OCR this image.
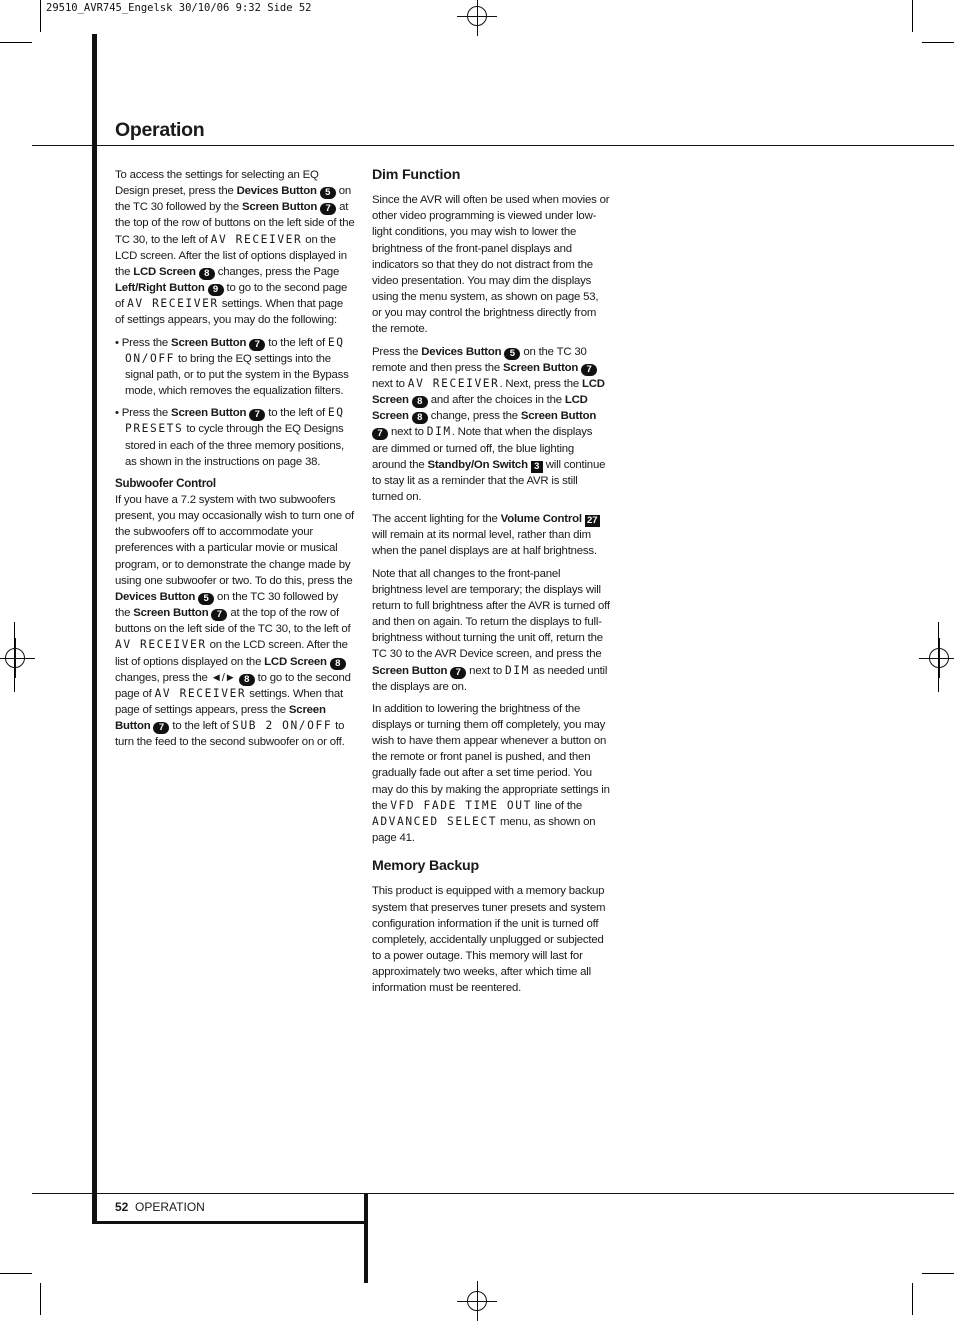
29510_AVR745_Engelsk 30/10/06 9:32 Side 52
Operation

To access the settings for selecting an EQ Design preset, press the Devices Button 5 on the TC 30 followed by the Screen Button 7 at the top of the row of buttons on the left side of the TC 30, to the left of AV RECEIVER on the LCD screen. After the list of options displayed in the LCD Screen 8 changes, press the Page Left/Right Button 9 to go to the second page of AV RECEIVER settings. When that page of settings appears, you may do the following:

• Press the Screen Button 7 to the left of EQ ON/OFF to bring the EQ settings into the signal path, or to put the system in the Bypass mode, which removes the equalization filters.

• Press the Screen Button 7 to the left of EQ PRESETS to cycle through the EQ Designs stored in each of the three memory positions, as shown in the instructions on page 38.

Subwoofer Control

If you have a 7.2 system with two subwoofers present, you may occasionally wish to turn one of the subwoofers off to accommodate your preferences with a particular movie or musical program, or to demonstrate the change made by using one subwoofer or two. To do this, press the Devices Button 5 on the TC 30 followed by the Screen Button 7 at the top of the row of buttons on the left side of the TC 30, to the left of AV RECEIVER on the LCD screen. After the list of options displayed on the LCD Screen 8 changes, press the ◄/► 8 to go to the second page of AV RECEIVER settings. When that page of settings appears, press the Screen Button 7 to the left of SUB 2 ON/OFF to turn the feed to the second subwoofer on or off.

Dim Function

Since the AVR will often be used when movies or other video programming is viewed under low-light conditions, you may wish to lower the brightness of the front-panel displays and indicators so that they do not distract from the video presentation. You may dim the displays using the menu system, as shown on page 53, or you may control the brightness directly from the remote.

Press the Devices Button 5 on the TC 30 remote and then press the Screen Button 7 next to AV RECEIVER. Next, press the LCD Screen 8 and after the choices in the LCD Screen 8 change, press the Screen Button 7 next to DIM. Note that when the displays are dimmed or turned off, the blue lighting around the Standby/On Switch 3 will continue to stay lit as a reminder that the AVR is still turned on.

The accent lighting for the Volume Control 27 will remain at its normal level, rather than dim when the panel displays are at half brightness.

Note that all changes to the front-panel brightness level are temporary; the displays will return to full brightness after the AVR is turned off and then on again. To return the displays to full-brightness without turning the unit off, return the TC 30 to the AVR Device screen, and press the Screen Button 7 next to DIM as needed until the displays are on.

In addition to lowering the brightness of the displays or turning them off completely, you may wish to have them appear whenever a button on the remote or front panel is pushed, and then gradually fade out after a set time period. You may do this by making the appropriate settings in the VFD FADE TIME OUT line of the ADVANCED SELECT menu, as shown on page 41.

Memory Backup

This product is equipped with a memory backup system that preserves tuner presets and system configuration information if the unit is turned off completely, accidentally unplugged or subjected to a power outage. This memory will last for approximately two weeks, after which time all information must be reentered.

52 OPERATION
